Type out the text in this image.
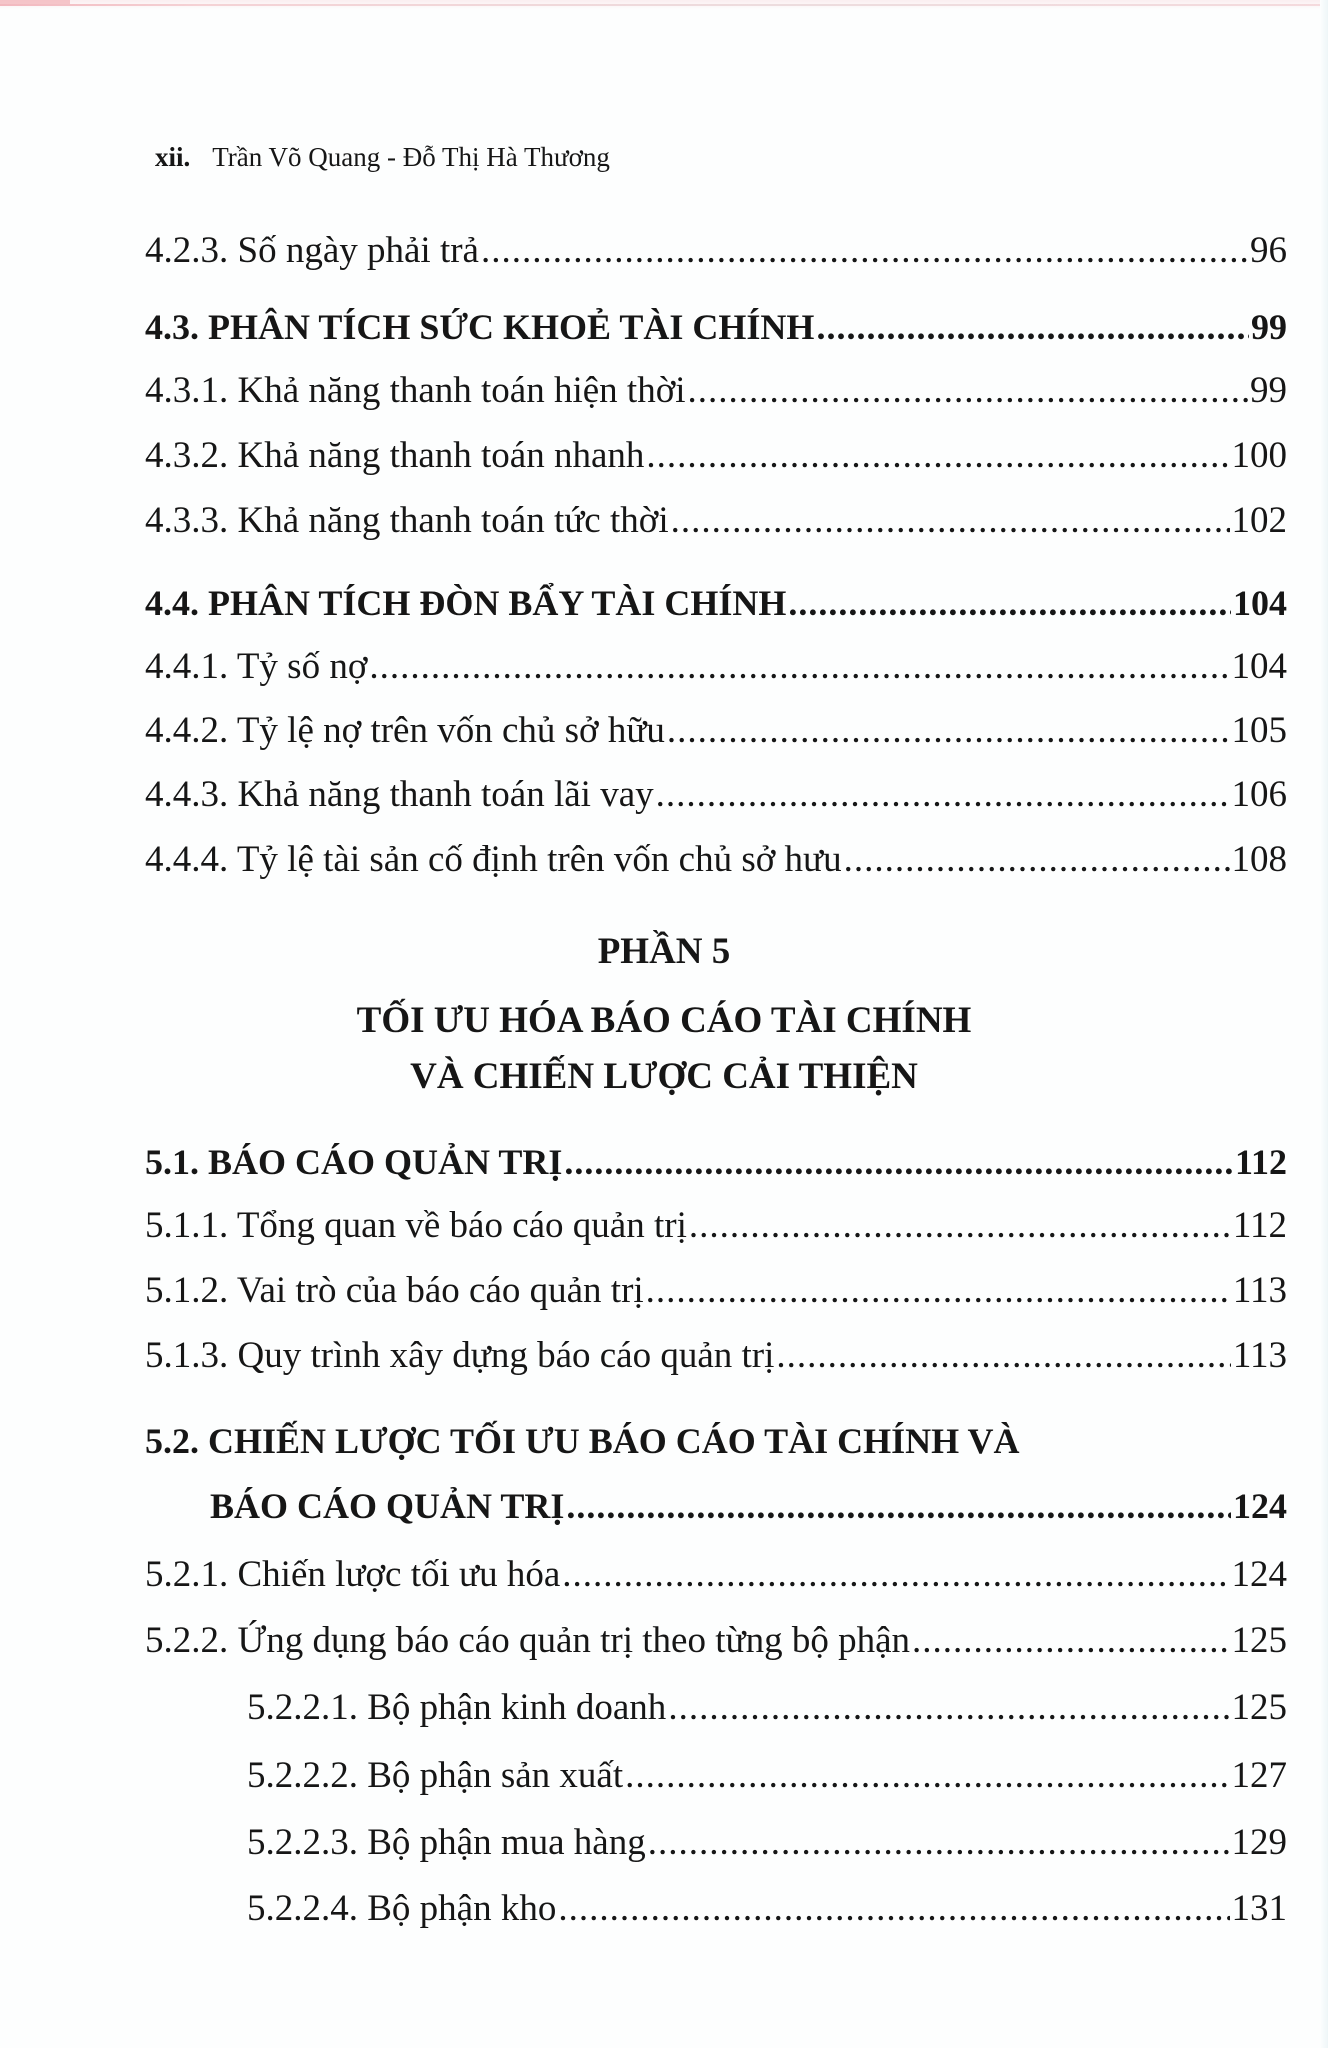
xii. Trần Võ Quang - Đỗ Thị Hà Thương
4.2.3. Số ngày phải trả .....	96
4.3. PHÂN TÍCH SỨC KHOẺ TÀI CHÍNH .....	99
4.3.1. Khả năng thanh toán hiện thời .....	99
4.3.2. Khả năng thanh toán nhanh .....	100
4.3.3. Khả năng thanh toán tức thời .....	102
4.4. PHÂN TÍCH ĐÒN BẨY TÀI CHÍNH .....	104
4.4.1. Tỷ số nợ .....	104
4.4.2. Tỷ lệ nợ trên vốn chủ sở hữu .....	105
4.4.3. Khả năng thanh toán lãi vay .....	106
4.4.4. Tỷ lệ tài sản cố định trên vốn chủ sở hưu .....	108
PHẦN 5
TỐI ƯU HÓA BÁO CÁO TÀI CHÍNH
VÀ CHIẾN LƯỢC CẢI THIỆN
5.1. BÁO CÁO QUẢN TRỊ .....	112
5.1.1. Tổng quan về báo cáo quản trị .....	112
5.1.2. Vai trò của báo cáo quản trị .....	113
5.1.3. Quy trình xây dựng báo cáo quản trị .....	113
5.2. CHIẾN LƯỢC TỐI ƯU BÁO CÁO TÀI CHÍNH VÀ
BÁO CÁO QUẢN TRỊ .....	124
5.2.1. Chiến lược tối ưu hóa .....	124
5.2.2. Ứng dụng báo cáo quản trị theo từng bộ phận .....	125
5.2.2.1. Bộ phận kinh doanh .....	125
5.2.2.2. Bộ phận sản xuất .....	127
5.2.2.3. Bộ phận mua hàng .....	129
5.2.2.4. Bộ phận kho .....	131
